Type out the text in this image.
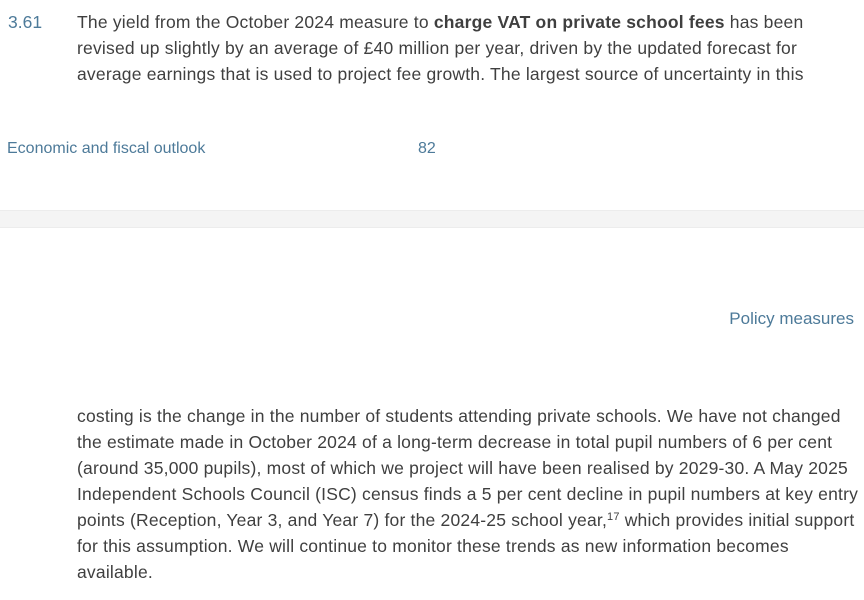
3.61	The yield from the October 2024 measure to charge VAT on private school fees has been revised up slightly by an average of £40 million per year, driven by the updated forecast for average earnings that is used to project fee growth. The largest source of uncertainty in this

Economic and fiscal outlook	82
Policy measures

costing is the change in the number of students attending private schools. We have not changed the estimate made in October 2024 of a long-term decrease in total pupil numbers of 6 per cent (around 35,000 pupils), most of which we project will have been realised by 2029-30. A May 2025 Independent Schools Council (ISC) census finds a 5 per cent decline in pupil numbers at key entry points (Reception, Year 3, and Year 7) for the 2024-25 school year,$^{17}$ which provides initial support for this assumption. We will continue to monitor these trends as new information becomes available.
